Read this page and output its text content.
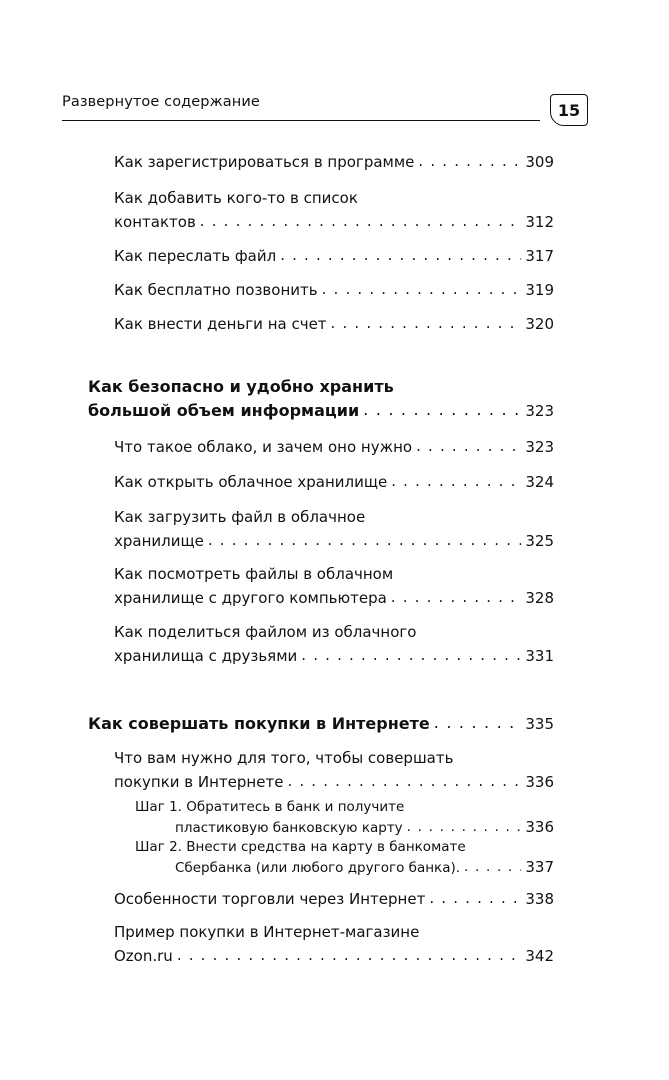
Развернутое содержание	15
Как зарегистрироваться в программе . . .	309
Как добавить кого-то в список
контактов . . .	312
Как переслать файл . . .	317
Как бесплатно позвонить . . .	319
Как внести деньги на счет . . .	320
Как безопасно и удобно хранить
большой объем информации . . .	323
Что такое облако, и зачем оно нужно . . .	323
Как открыть облачное хранилище . . .	324
Как загрузить файл в облачное
хранилище . . .	325
Как посмотреть файлы в облачном
хранилище с другого компьютера . . .	328
Как поделиться файлом из облачного
хранилища с друзьями . . .	331
Как совершать покупки в Интернете . . .	335
Что вам нужно для того, чтобы совершать
покупки в Интернете . . .	336
Шаг 1. Обратитесь в банк и получите
пластиковую банковскую карту . . .	336
Шаг 2. Внести средства на карту в банкомате
Сбербанка (или любого другого банка). . . .	337
Особенности торговли через Интернет . . .	338
Пример покупки в Интернет-магазине
Ozon.ru . . .	342
